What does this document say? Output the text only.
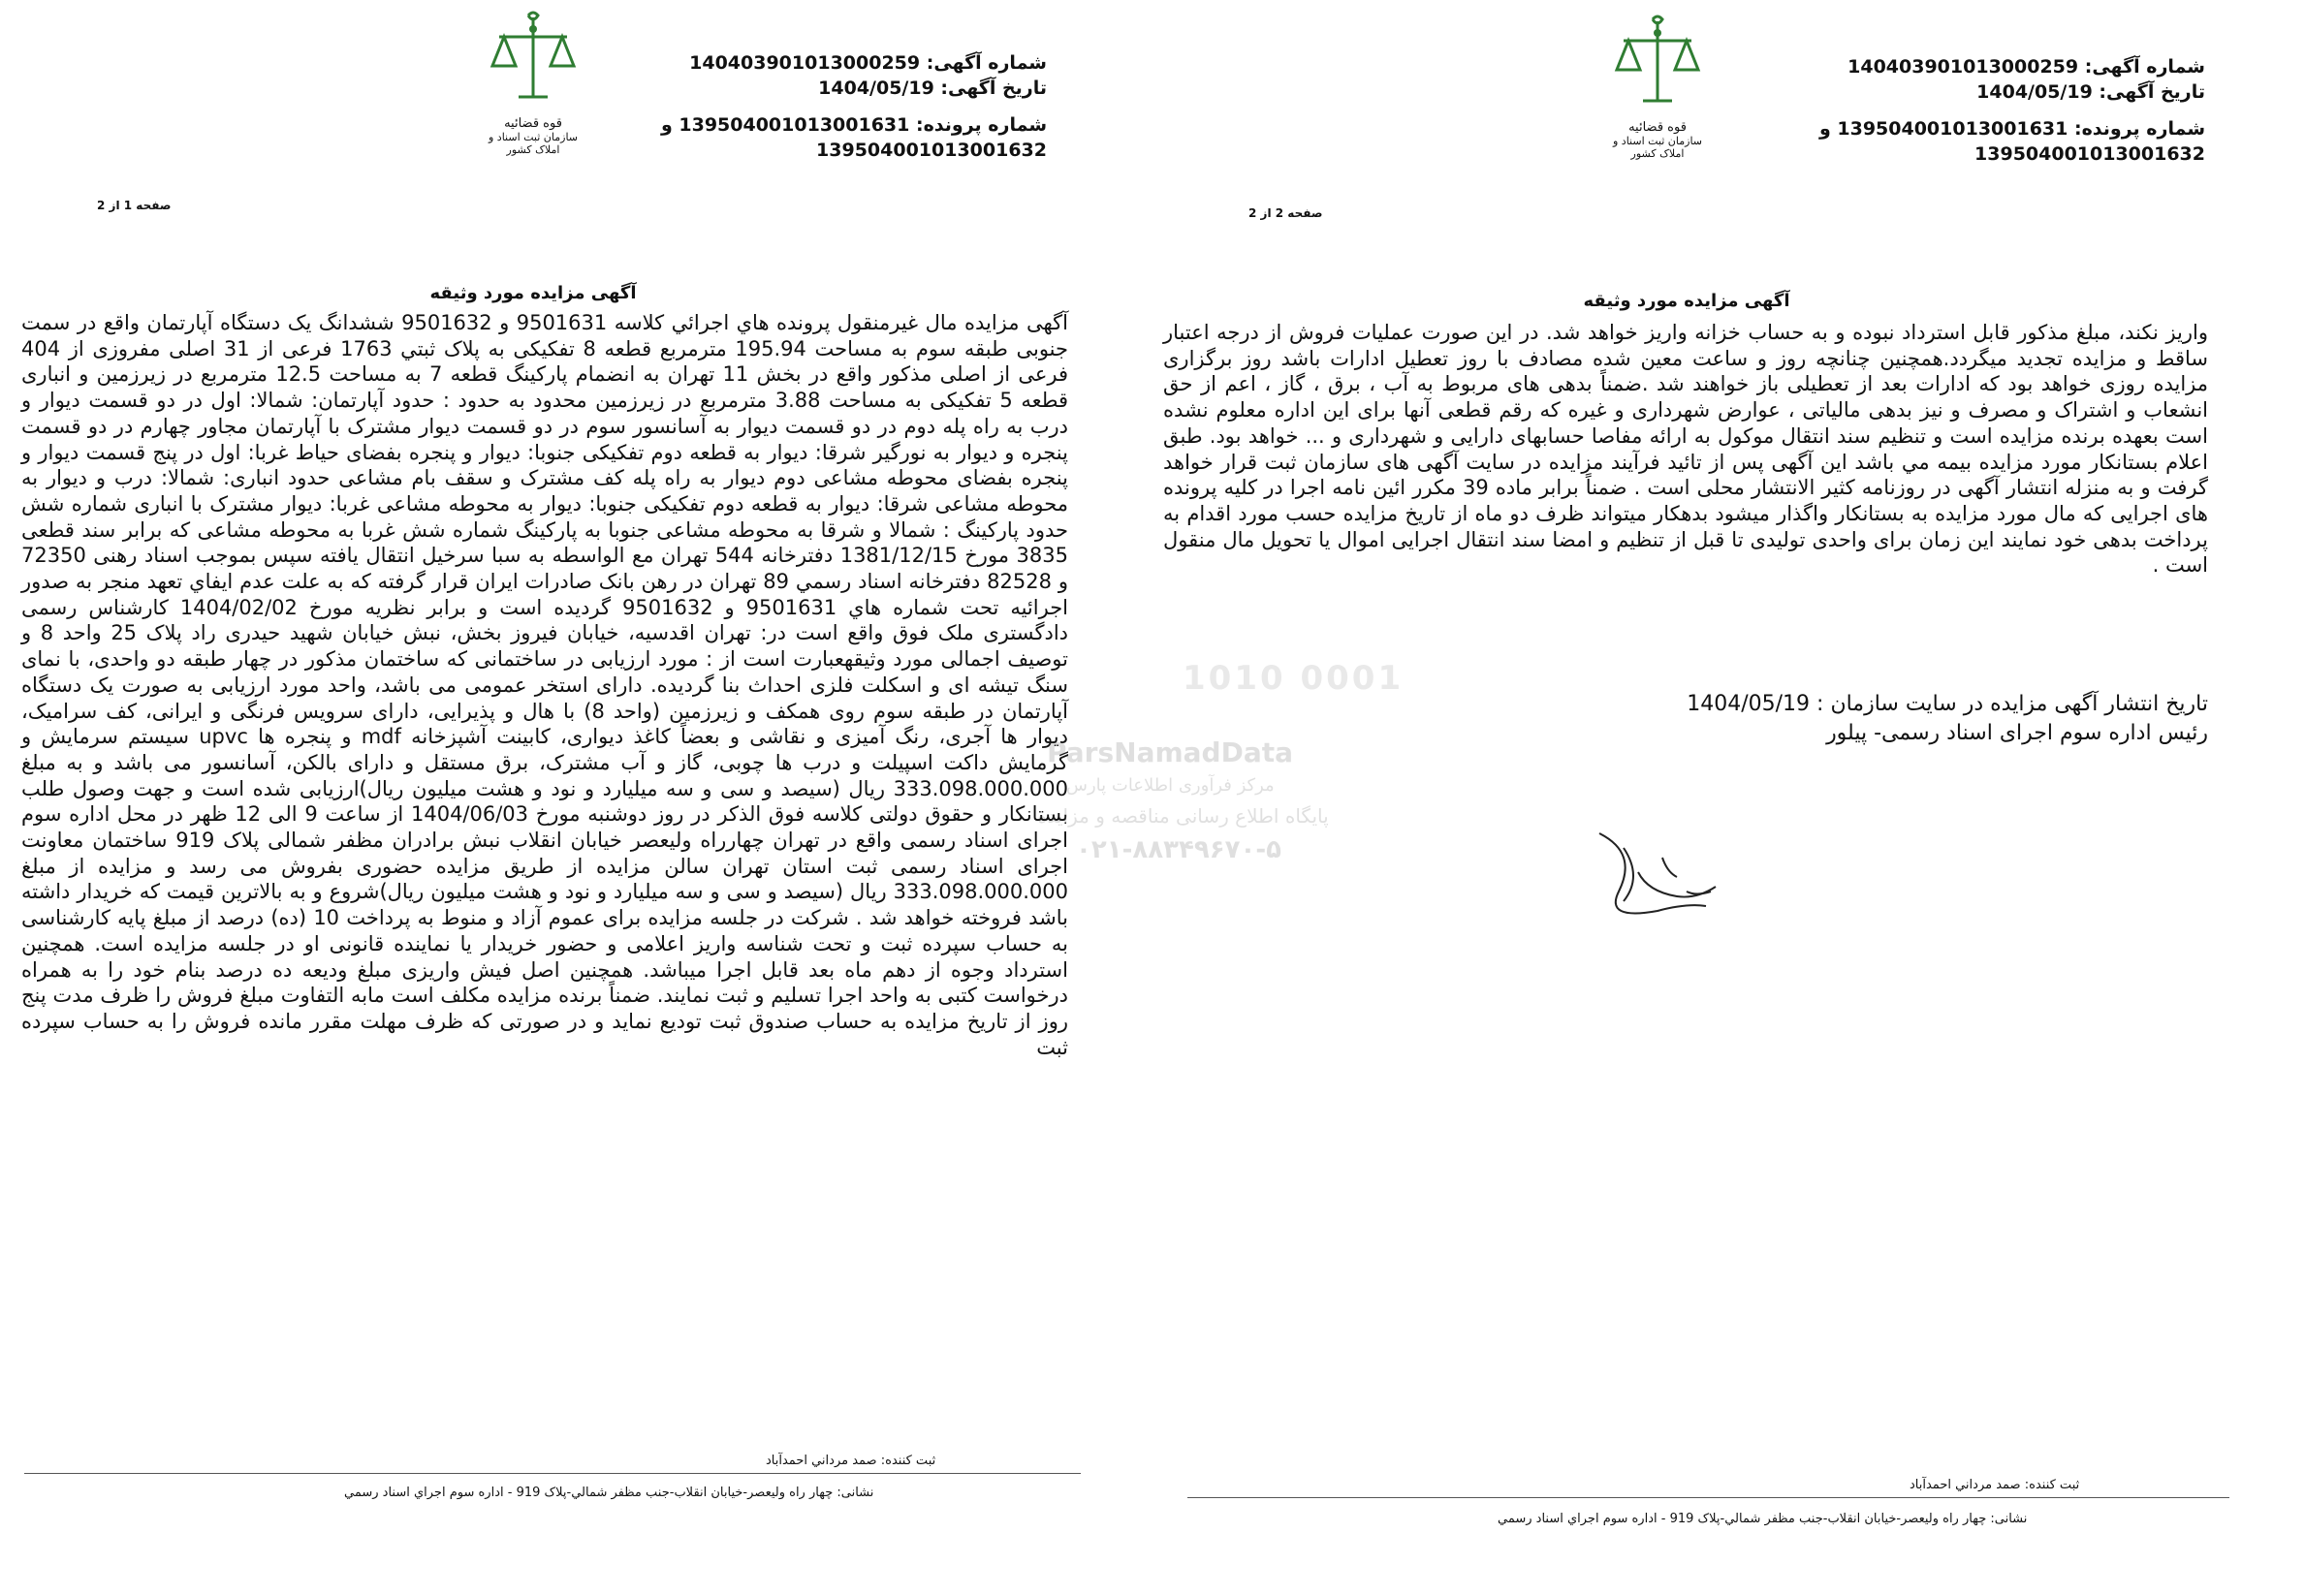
قوه قضائیه
سازمان ثبت اسناد و املاک کشور
شماره آگهی: 140403901013000259
تاریخ آگهی: 1404/05/19
شماره پرونده: 13950400101300163‌1 و
13950400101300163‌2
صفحه 1 از 2
آگهی مزایده مورد وثیقه

آگهی مزایده مال غیرمنقول پرونده هاي اجرائي كلاسه 9501631 و 9501632 ششدانگ يک دستگاه آپارتمان واقع در سمت جنوبی طبقه سوم به مساحت 195.94 مترمربع قطعه 8 تفکیکی به پلاک ثبتي 1763 فرعی از 31 اصلی مفروزی از 404 فرعی از اصلی مذکور واقع در بخش 11 تهران به انضمام پارکینگ قطعه 7 به مساحت 12.5 مترمربع در زیرزمین و انباری قطعه 5 تفکیکی به مساحت 3.88 مترمربع در زیرزمین محدود به حدود : حدود آپارتمان: شمالا: اول در دو قسمت دیوار و درب به راه پله دوم در دو قسمت دیوار به آسانسور سوم در دو قسمت دیوار مشترک با آپارتمان مجاور چهارم در دو قسمت پنجره و دیوار به نورگیر شرقا: دیوار به قطعه دوم تفکیکی جنوبا: دیوار و پنجره بفضای حیاط غربا: اول در پنج قسمت دیوار و پنجره بفضای محوطه مشاعی دوم دیوار به راه پله کف مشترک و سقف بام مشاعی حدود انباری: شمالا: درب و دیوار به محوطه مشاعی شرقا: دیوار به قطعه دوم تفکیکی جنوبا: دیوار به محوطه مشاعی غربا: دیوار مشترک با انباری شماره شش حدود پارکینگ : شمالا و شرقا به محوطه مشاعی جنوبا به پارکینگ شماره شش غربا به محوطه مشاعی که برابر سند قطعی 3835 مورخ 1381/12/15 دفترخانه 544 تهران مع الواسطه به سبا سرخیل انتقال یافته سپس بموجب اسناد رهنی 72350 و 82528 دفترخانه اسناد رسمي 89 تهران در رهن بانک صادرات ایران قرار گرفته که به علت عدم ايفاي تعهد منجر به صدور اجرائيه تحت شماره هاي 9501631 و 9501632 گردیده است و برابر نظریه مورخ 1404/02/02 کارشناس رسمی دادگستری ملک فوق واقع است در: تهران اقدسیه، خیابان فیروز بخش، نبش خیابان شهید حیدری راد پلاک 25 واحد 8 و توصیف اجمالی مورد وثیقهعبارت است از : مورد ارزیابی در ساختمانی که ساختمان مذکور در چهار طبقه دو واحدی، با نمای سنگ تیشه ای و اسکلت فلزی احداث بنا گردیده. دارای استخر عمومی می باشد، واحد مورد ارزیابی به صورت یک دستگاه آپارتمان در طبقه سوم روی همکف و زیرزمین (واحد 8) با هال و پذیرایی، دارای سرویس فرنگی و ایرانی، کف سرامیک، دیوار ها آجری، رنگ آمیزی و نقاشی و بعضاً کاغذ دیواری، کابینت آشپزخانه mdf و پنجره ها upvc سیستم سرمایش و گرمایش داکت اسپیلت و درب ها چوبی، گاز و آب مشترک، برق مستقل و دارای بالکن، آسانسور می باشد و به مبلغ 333.098.000.000 ریال (سیصد و سی و سه میلیارد و نود و هشت میلیون ریال)ارزیابی شده است و جهت وصول طلب بستانکار و حقوق دولتی کلاسه فوق الذکر در روز دوشنبه مورخ 1404/06/03 از ساعت 9 الی 12 ظهر در محل اداره سوم اجرای اسناد رسمی واقع در تهران چهارراه ولیعصر خیابان انقلاب نبش برادران مظفر شمالی پلاک 919 ساختمان معاونت اجرای اسناد رسمی ثبت استان تهران سالن مزایده از طریق مزایده حضوری بفروش می رسد و مزایده از مبلغ 333.098.000.000 ریال (سیصد و سی و سه میلیارد و نود و هشت میلیون ریال)شروع و به بالاترین قیمت که خریدار داشته باشد فروخته خواهد شد . شرکت در جلسه مزایده برای عموم آزاد و منوط به پرداخت 10 (ده) درصد از مبلغ پایه کارشناسی به حساب سپرده ثبت و تحت شناسه واریز اعلامی و حضور خریدار یا نماینده قانونی او در جلسه مزایده است. همچنین استرداد وجوه از دهم ماه بعد قابل اجرا میباشد. همچنین اصل فیش واریزی مبلغ ودیعه ده درصد بنام خود را به همراه درخواست کتبی به واحد اجرا تسلیم و ثبت نمایند. ضمناً برنده مزایده مکلف است مابه التفاوت مبلغ فروش را ظرف مدت پنج روز از تاریخ مزایده به حساب صندوق ثبت تودیع نماید و در صورتی که ظرف مهلت مقرر مانده فروش را به حساب سپرده ثبت

ثبت کننده: صمد مرداني احمدآباد
نشانی: چهار راه ولیعصر-خیابان انقلاب-جنب مظفر شمالي-پلاک 919 - اداره سوم اجراي اسناد رسمي
قوه قضائیه
سازمان ثبت اسناد و املاک کشور
شماره آگهی: 140403901013000259
تاریخ آگهی: 1404/05/19
شماره پرونده: 13950400101300163‌1 و
13950400101300163‌2
صفحه 2 از 2
آگهی مزایده مورد وثیقه

واریز نکند، مبلغ مذکور قابل استرداد نبوده و به حساب خزانه واریز خواهد شد. در این صورت عملیات فروش از درجه اعتبار ساقط و مزایده تجدید میگردد.همچنین چنانچه روز و ساعت معین شده مصادف با روز تعطیل ادارات باشد روز برگزاری مزایده روزی خواهد بود که ادارات بعد از تعطیلی باز خواهند شد .ضمناً بدهی های مربوط به آب ، برق ، گاز ، اعم از حق انشعاب و اشتراک و مصرف و نیز بدهی مالیاتی ، عوارض شهرداری و غیره که رقم قطعی آنها برای این اداره معلوم نشده است بعهده برنده مزایده است و تنظیم سند انتقال موکول به ارائه مفاصا حسابهای دارایی و شهرداری و ... خواهد بود. طبق اعلام بستانکار مورد مزایده بیمه مي باشد این آگهی پس از تائید فرآیند مزایده در سایت آگهی های سازمان ثبت قرار خواهد گرفت و به منزله انتشار آگهی در روزنامه کثیر الانتشار محلی است . ضمناً برابر ماده 39 مکرر ائین نامه اجرا در کلیه پرونده های اجرایی که مال مورد مزایده به بستانکار واگذار میشود بدهکار میتواند ظرف دو ماه از تاریخ مزایده حسب مورد اقدام به پرداخت بدهی خود نمایند این زمان برای واحدی تولیدی تا قبل از تنظیم و امضا سند انتقال اجرایی اموال یا تحویل مال منقول است .

تاریخ انتشار آگهی مزایده در سایت سازمان : 1404/05/19
رئیس اداره سوم اجرای اسناد رسمی- پیلور
ثبت کننده: صمد مرداني احمدآباد
نشانی: چهار راه ولیعصر-خیابان انقلاب-جنب مظفر شمالي-پلاک 919 - اداره سوم اجراي اسناد رسمي
0001 1010
ParsNamadData
مرکز فرآوری اطلاعات پارس
پایگاه اطلاع رسانی مناقصه و مزایده
۰۲۱-۸۸۳۴۹۶۷۰-۵
